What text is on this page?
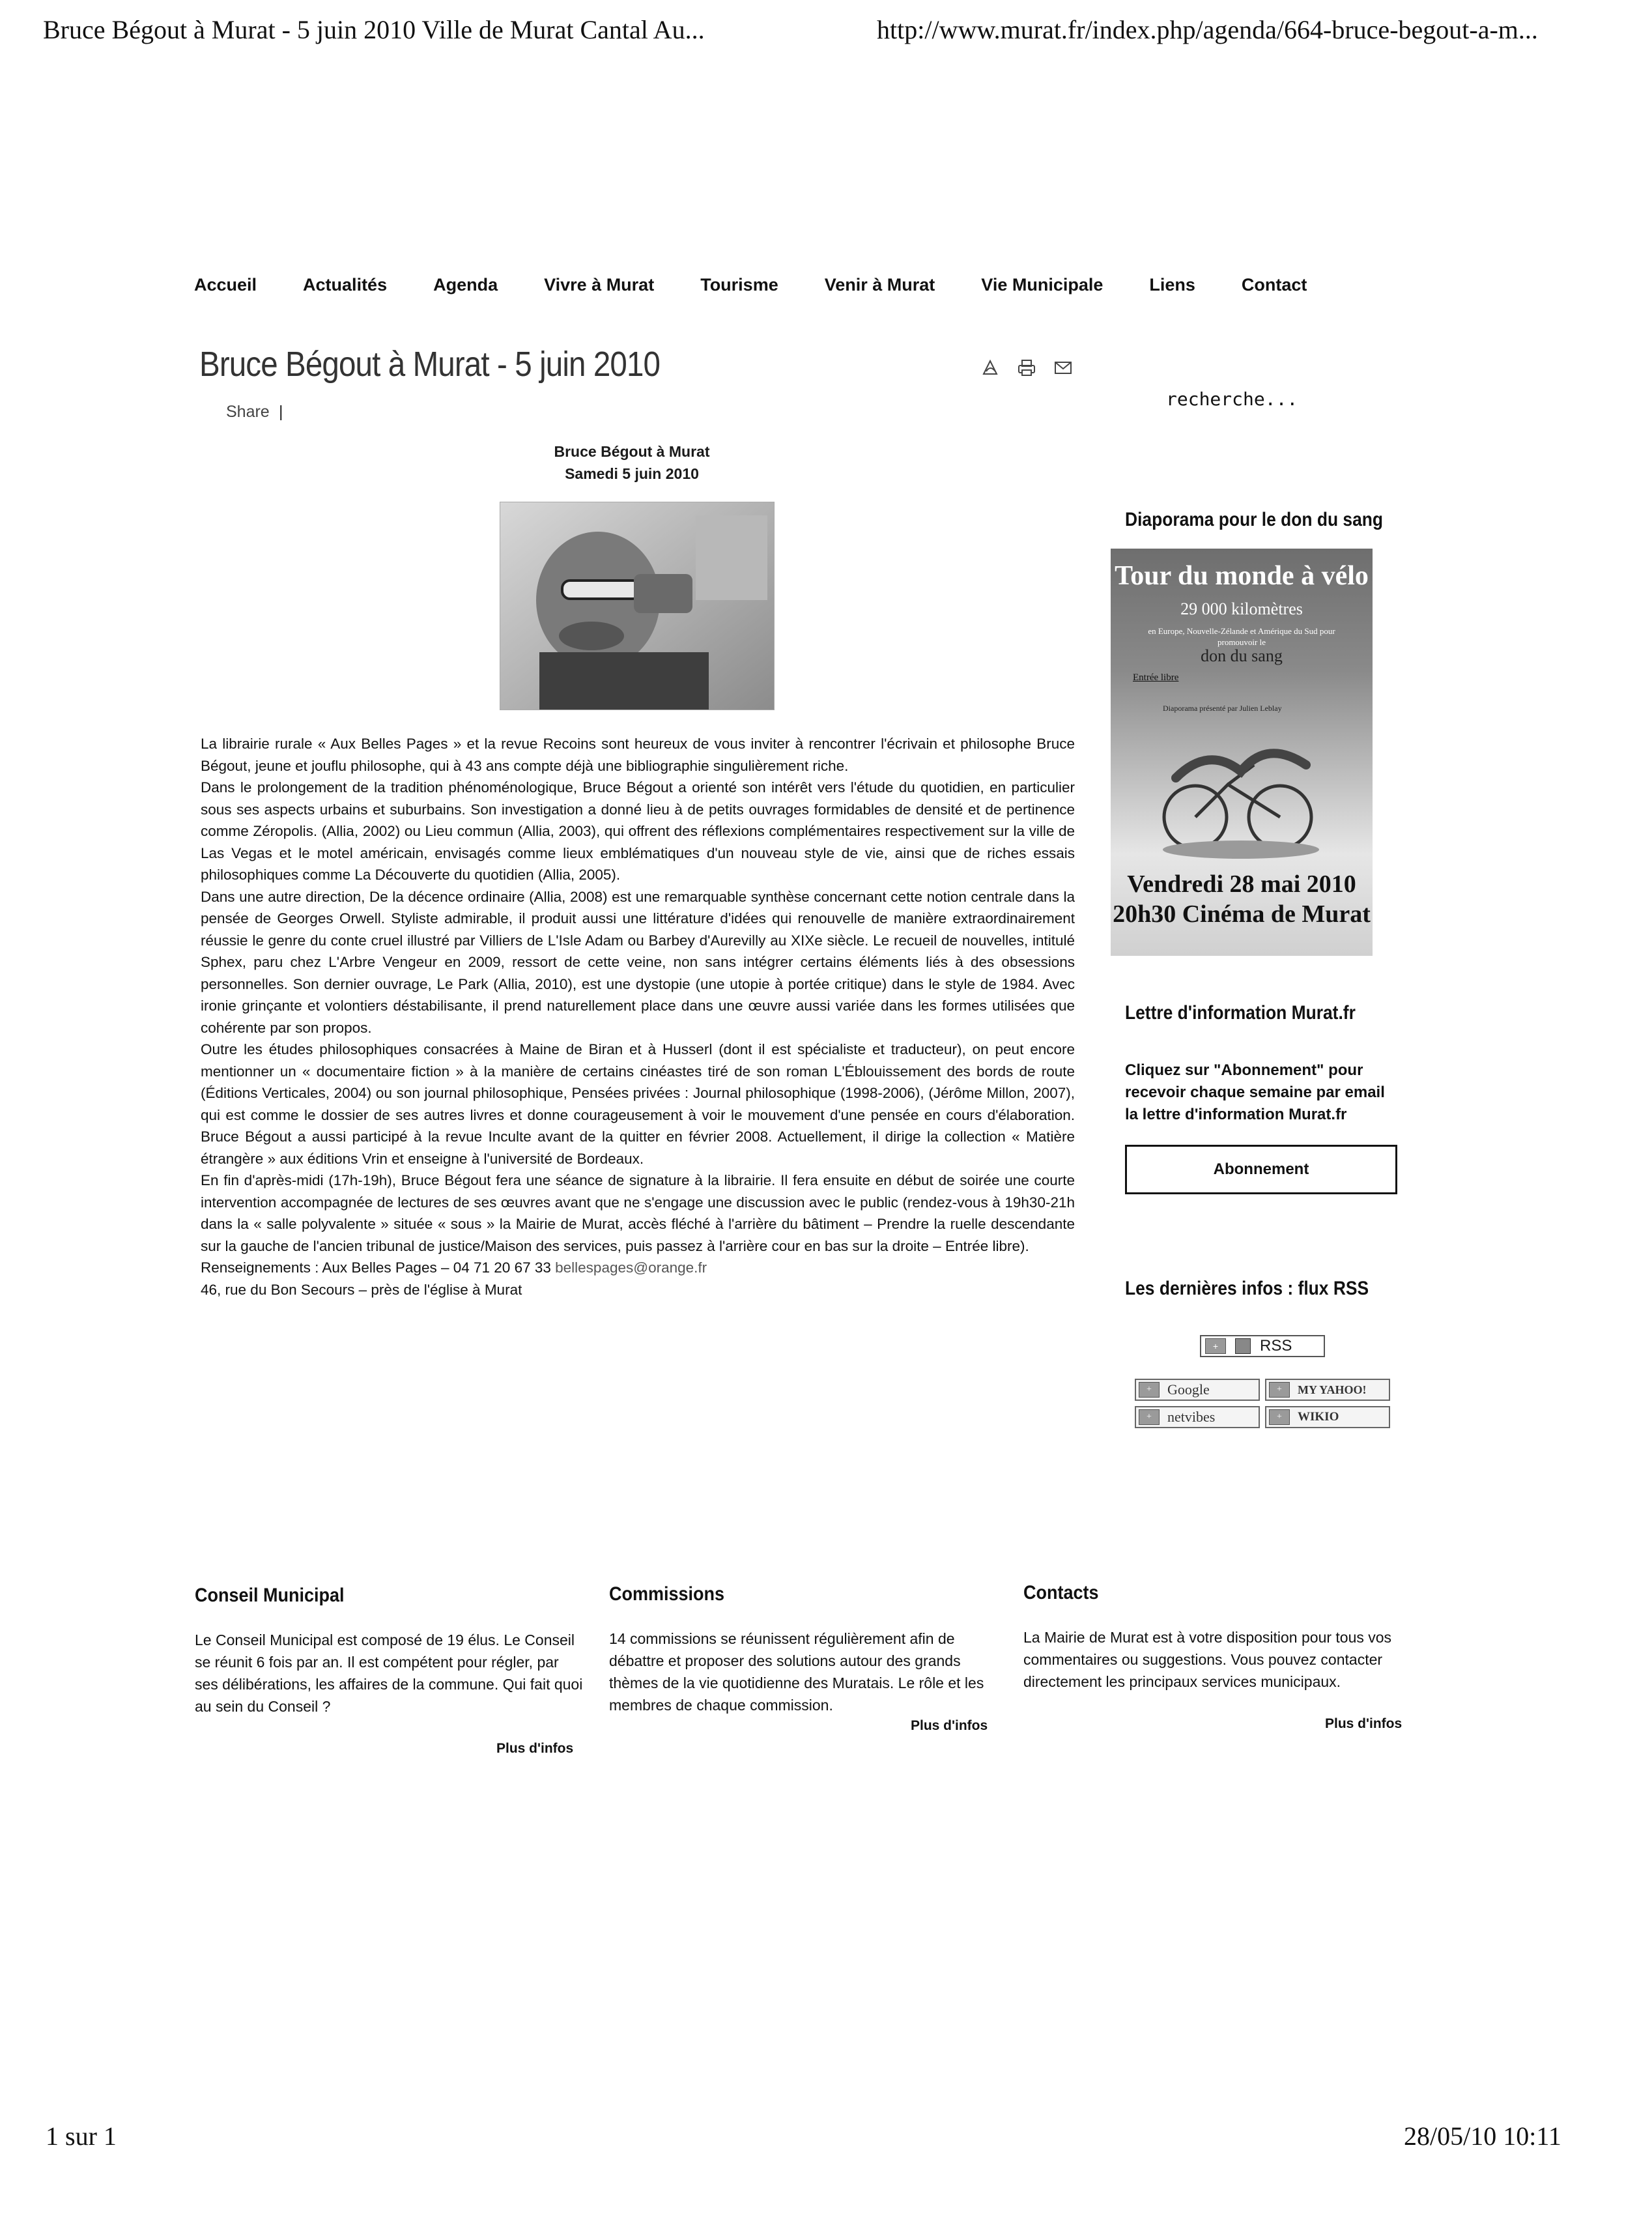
Bruce Bégout à Murat - 5 juin 2010 Ville de Murat Cantal Au...	http://www.murat.fr/index.php/agenda/664-bruce-begout-a-m...
Accueil	Actualités	Agenda	Vivre à Murat	Tourisme	Venir à Murat	Vie Municipale	Liens	Contact
Bruce Bégout à Murat - 5 juin 2010
Share |
recherche...
Bruce Bégout à Murat
Samedi 5 juin 2010

La librairie rurale « Aux Belles Pages » et la revue Recoins sont heureux de vous inviter à rencontrer l'écrivain et philosophe Bruce Bégout, jeune et jouflu philosophe, qui à 43 ans compte déjà une bibliographie singulièrement riche.

Dans le prolongement de la tradition phénoménologique, Bruce Bégout a orienté son intérêt vers l'étude du quotidien, en particulier sous ses aspects urbains et suburbains. Son investigation a donné lieu à de petits ouvrages formidables de densité et de pertinence comme Zéropolis. (Allia, 2002) ou Lieu commun (Allia, 2003), qui offrent des réflexions complémentaires respectivement sur la ville de Las Vegas et le motel américain, envisagés comme lieux emblématiques d'un nouveau style de vie, ainsi que de riches essais philosophiques comme La Découverte du quotidien (Allia, 2005).

Dans une autre direction, De la décence ordinaire (Allia, 2008) est une remarquable synthèse concernant cette notion centrale dans la pensée de Georges Orwell. Styliste admirable, il produit aussi une littérature d'idées qui renouvelle de manière extraordinairement réussie le genre du conte cruel illustré par Villiers de L'Isle Adam ou Barbey d'Aurevilly au XIXe siècle. Le recueil de nouvelles, intitulé Sphex, paru chez L'Arbre Vengeur en 2009, ressort de cette veine, non sans intégrer certains éléments liés à des obsessions personnelles. Son dernier ouvrage, Le Park (Allia, 2010), est une dystopie (une utopie à portée critique) dans le style de 1984. Avec ironie grinçante et volontiers déstabilisante, il prend naturellement place dans une œuvre aussi variée dans les formes utilisées que cohérente par son propos.

Outre les études philosophiques consacrées à Maine de Biran et à Husserl (dont il est spécialiste et traducteur), on peut encore mentionner un « documentaire fiction » à la manière de certains cinéastes tiré de son roman L'Éblouissement des bords de route (Éditions Verticales, 2004) ou son journal philosophique, Pensées privées : Journal philosophique (1998-2006), (Jérôme Millon, 2007), qui est comme le dossier de ses autres livres et donne courageusement à voir le mouvement d'une pensée en cours d'élaboration. Bruce Bégout a aussi participé à la revue Inculte avant de la quitter en février 2008. Actuellement, il dirige la collection « Matière étrangère » aux éditions Vrin et enseigne à l'université de Bordeaux.

En fin d'après-midi (17h-19h), Bruce Bégout fera une séance de signature à la librairie. Il fera ensuite en début de soirée une courte intervention accompagnée de lectures de ses œuvres avant que ne s'engage une discussion avec le public (rendez-vous à 19h30-21h dans la « salle polyvalente » située « sous » la Mairie de Murat, accès fléché à l'arrière du bâtiment – Prendre la ruelle descendante sur la gauche de l'ancien tribunal de justice/Maison des services, puis passez à l'arrière cour en bas sur la droite – Entrée libre).

Renseignements : Aux Belles Pages – 04 71 20 67 33 bellespages@orange.fr

46, rue du Bon Secours – près de l'église à Murat

Diaporama pour le don du sang
Tour du monde à vélo
29 000 kilomètres
en Europe, Nouvelle-Zélande et Amérique du Sud pour promouvoir le
don du sang
Entrée libre
Diaporama présenté par Julien Leblay
Vendredi 28 mai 2010
20h30 Cinéma de Murat
Lettre d'information Murat.fr
Cliquez sur "Abonnement" pour recevoir chaque semaine par email la lettre d'information Murat.fr
Abonnement
Les dernières infos : flux RSS
+	RSS
+	Google	+	MY YAHOO!
+	netvibes	+	WIKIO
Conseil Municipal
Le Conseil Municipal est composé de 19 élus. Le Conseil se réunit 6 fois par an. Il est compétent pour régler, par ses délibérations, les affaires de la commune. Qui fait quoi au sein du Conseil ?
Plus d'infos
Commissions
14 commissions se réunissent régulièrement afin de débattre et proposer des solutions autour des grands thèmes de la vie quotidienne des Muratais. Le rôle et les membres de chaque commission.
Plus d'infos
Contacts
La Mairie de Murat est à votre disposition pour tous vos commentaires ou suggestions. Vous pouvez contacter directement les principaux services municipaux.
Plus d'infos
1 sur 1	28/05/10 10:11
